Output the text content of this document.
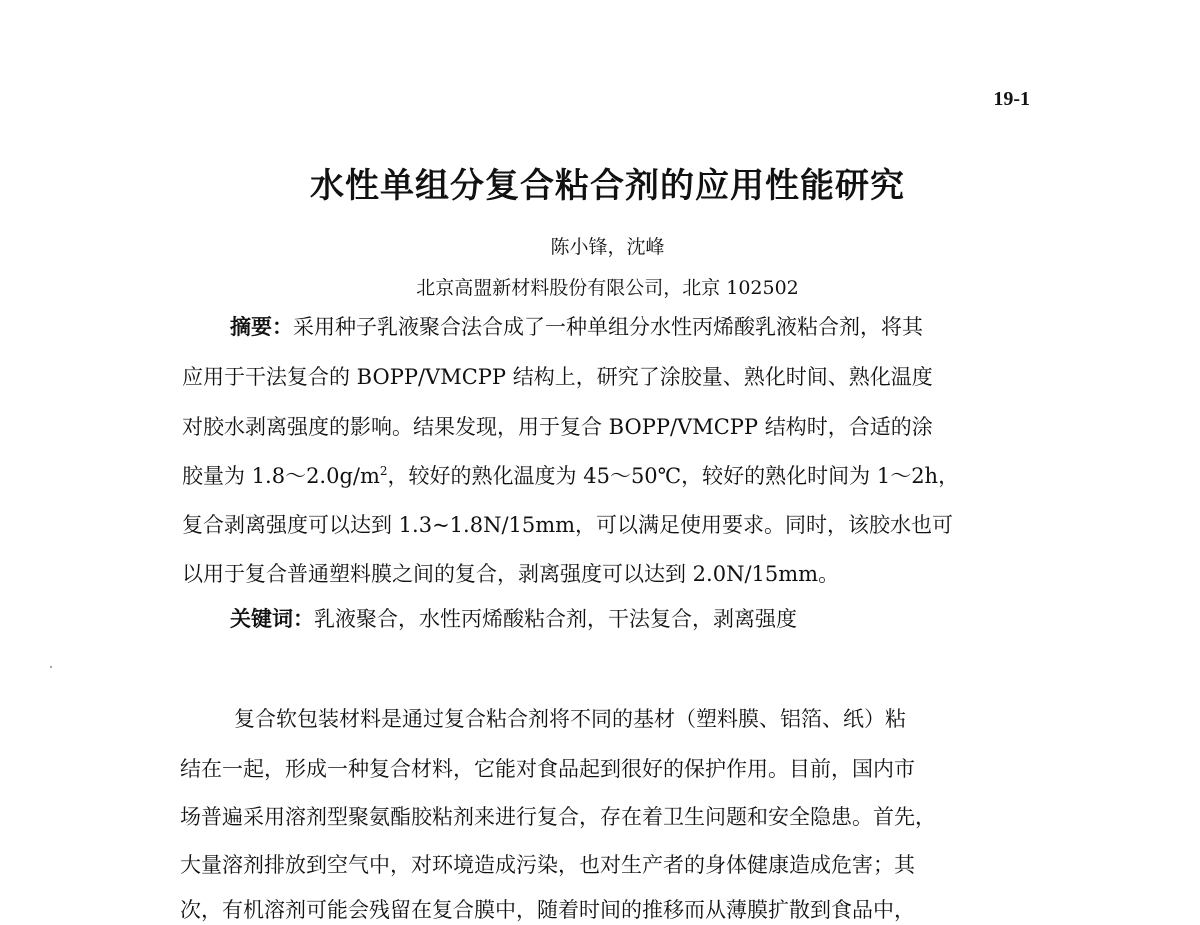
19-1
水性单组分复合粘合剂的应用性能研究
陈小锋，沈峰
北京高盟新材料股份有限公司，北京 102502
摘要：采用种子乳液聚合法合成了一种单组分水性丙烯酸乳液粘合剂，将其
应用于干法复合的 BOPP/VMCPP 结构上，研究了涂胶量、熟化时间、熟化温度
对胶水剥离强度的影响。结果发现，用于复合 BOPP/VMCPP 结构时，合适的涂
胶量为 $1.8\sim 2.0g/m^2$，较好的熟化温度为 45～50℃，较好的熟化时间为 1～2h，
复合剥离强度可以达到 1.3~1.8N/15mm，可以满足使用要求。同时，该胶水也可
以用于复合普通塑料膜之间的复合，剥离强度可以达到 2.0N/15mm。
关键词：乳液聚合，水性丙烯酸粘合剂，干法复合，剥离强度
复合软包装材料是通过复合粘合剂将不同的基材（塑料膜、铝箔、纸）粘
结在一起，形成一种复合材料，它能对食品起到很好的保护作用。目前，国内市
场普遍采用溶剂型聚氨酯胶粘剂来进行复合，存在着卫生问题和安全隐患。首先，
大量溶剂排放到空气中，对环境造成污染，也对生产者的身体健康造成危害；其
次，有机溶剂可能会残留在复合膜中，随着时间的推移而从薄膜扩散到食品中，
